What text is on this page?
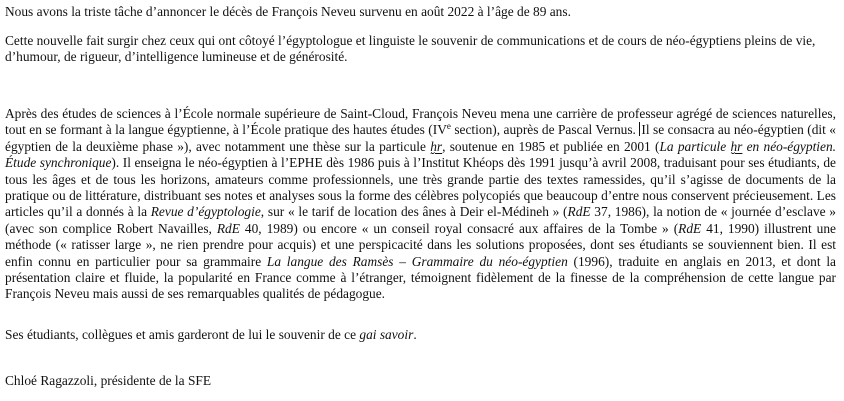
Nous avons la triste tâche d’annoncer le décès de François Neveu survenu en août 2022 à l’âge de 89 ans.

Cette nouvelle fait surgir chez ceux qui ont côtoyé l’égyptologue et linguiste le souvenir de communications et de cours de néo-égyptiens pleins de vie, d’humour, de rigueur, d’intelligence lumineuse et de générosité.

Après des études de sciences à l’École normale supérieure de Saint-Cloud, François Neveu mena une carrière de professeur agrégé de sciences naturelles, tout en se formant à la langue égyptienne, à l’École pratique des hautes études (IVe section), auprès de Pascal Vernus. Il se consacra au néo-égyptien (dit « égyptien de la deuxième phase »), avec notamment une thèse sur la particule ḫr, soutenue en 1985 et publiée en 2001 (La particule ḫr en néo-égyptien. Étude synchronique). Il enseigna le néo-égyptien à l’EPHE dès 1986 puis à l’Institut Khéops dès 1991 jusqu’à avril 2008, traduisant pour ses étudiants, de tous les âges et de tous les horizons, amateurs comme professionnels, une très grande partie des textes ramessides, qu’il s’agisse de documents de la pratique ou de littérature, distribuant ses notes et analyses sous la forme des célèbres polycopiés que beaucoup d’entre nous conservent précieusement. Les articles qu’il a donnés à la Revue d’égyptologie, sur « le tarif de location des ânes à Deir el-Médineh » (RdE 37, 1986), la notion de « journée d’esclave » (avec son complice Robert Navailles, RdE 40, 1989) ou encore « un conseil royal consacré aux affaires de la Tombe » (RdE 41, 1990) illustrent une méthode (« ratisser large », ne rien prendre pour acquis) et une perspicacité dans les solutions proposées, dont ses étudiants se souviennent bien. Il est enfin connu en particulier pour sa grammaire La langue des Ramsès – Grammaire du néo-égyptien (1996), traduite en anglais en 2013, et dont la présentation claire et fluide, la popularité en France comme à l’étranger, témoignent fidèlement de la finesse de la compréhension de cette langue par François Neveu mais aussi de ses remarquables qualités de pédagogue.

Ses étudiants, collègues et amis garderont de lui le souvenir de ce gai savoir.

Chloé Ragazzoli, présidente de la SFE
